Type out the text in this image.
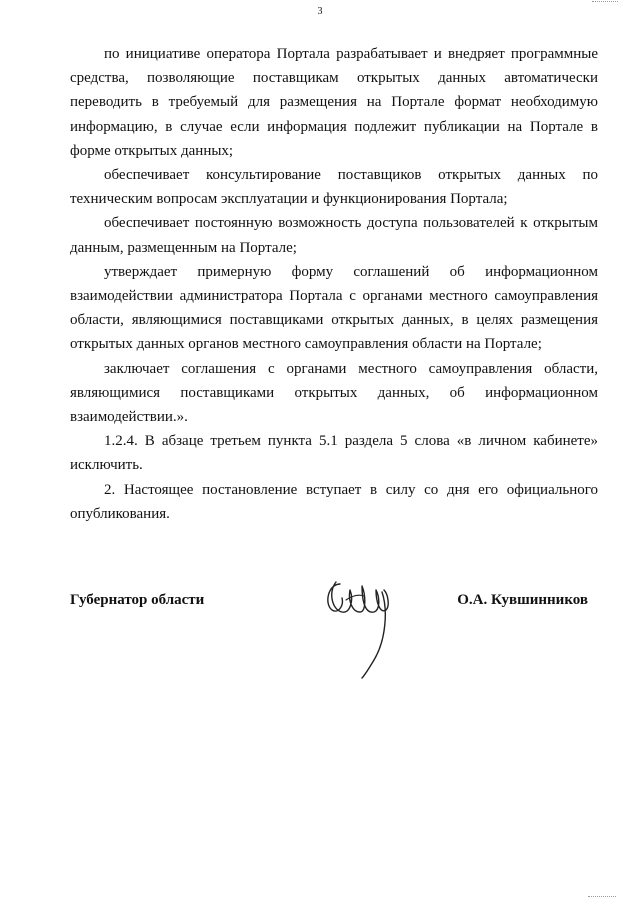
3

по инициативе оператора Портала разрабатывает и внедряет программные средства, позволяющие поставщикам открытых данных автоматически переводить в требуемый для размещения на Портале формат необходимую информацию, в случае если информация подлежит публикации на Портале в форме открытых данных;

обеспечивает консультирование поставщиков открытых данных по техническим вопросам эксплуатации и функционирования Портала;

обеспечивает постоянную возможность доступа пользователей к открытым данным, размещенным на Портале;

утверждает примерную форму соглашений об информационном взаимодействии администратора Портала с органами местного самоуправления области, являющимися поставщиками открытых данных, в целях размещения открытых данных органов местного самоуправления области на Портале;

заключает соглашения с органами местного самоуправления области, являющимися поставщиками открытых данных, об информационном взаимодействии.».

1.2.4. В абзаце третьем пункта 5.1 раздела 5 слова «в личном кабинете» исключить.

2. Настоящее постановление вступает в силу со дня его официального опубликования.

Губернатор области	О.А. Кувшинников
